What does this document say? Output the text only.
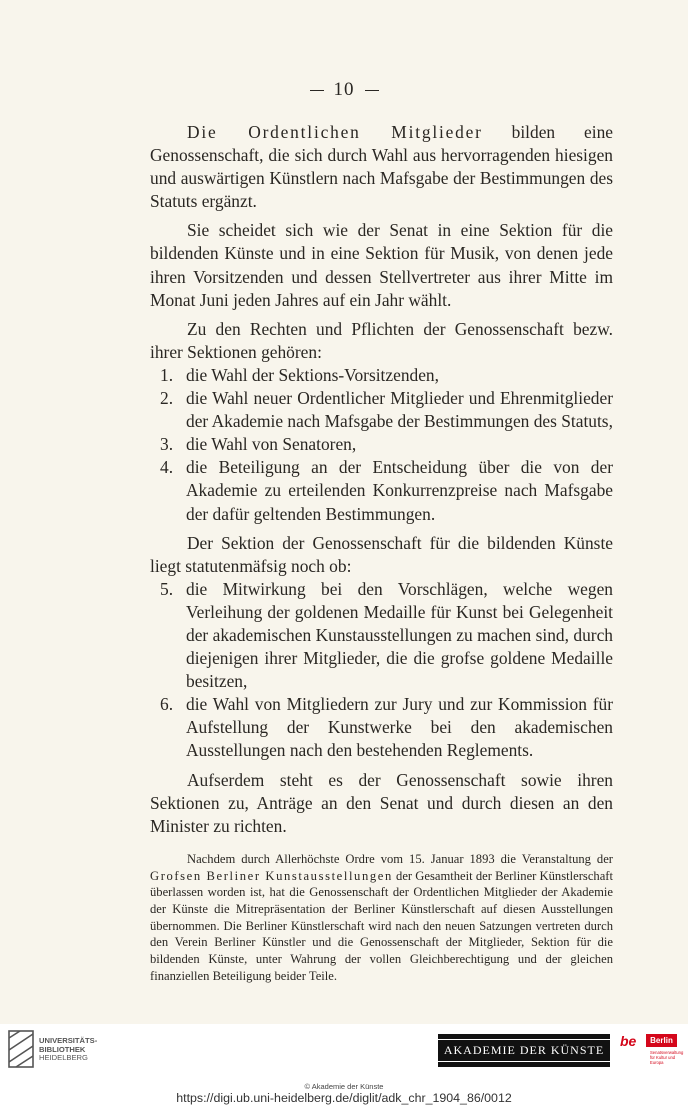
10

Die Ordentlichen Mitglieder bilden eine Genossenschaft, die sich durch Wahl aus hervorragenden hiesigen und auswärtigen Künstlern nach Mafsgabe der Bestimmungen des Statuts ergänzt.

Sie scheidet sich wie der Senat in eine Sektion für die bildenden Künste und in eine Sektion für Musik, von denen jede ihren Vorsitzenden und dessen Stellvertreter aus ihrer Mitte im Monat Juni jeden Jahres auf ein Jahr wählt.

Zu den Rechten und Pflichten der Genossenschaft bezw. ihrer Sektionen gehören:

1. die Wahl der Sektions-Vorsitzenden,
2. die Wahl neuer Ordentlicher Mitglieder und Ehrenmitglieder der Akademie nach Mafsgabe der Bestimmungen des Statuts,
3. die Wahl von Senatoren,
4. die Beteiligung an der Entscheidung über die von der Akademie zu erteilenden Konkurrenzpreise nach Mafsgabe der dafür geltenden Bestimmungen.

Der Sektion der Genossenschaft für die bildenden Künste liegt statutenmäfsig noch ob:

5. die Mitwirkung bei den Vorschlägen, welche wegen Verleihung der goldenen Medaille für Kunst bei Gelegenheit der akademischen Kunstausstellungen zu machen sind, durch diejenigen ihrer Mitglieder, die die grofse goldene Medaille besitzen,
6. die Wahl von Mitgliedern zur Jury und zur Kommission für Aufstellung der Kunstwerke bei den akademischen Ausstellungen nach den bestehenden Reglements.

Aufserdem steht es der Genossenschaft sowie ihren Sektionen zu, Anträge an den Senat und durch diesen an den Minister zu richten.

Nachdem durch Allerhöchste Ordre vom 15. Januar 1893 die Veranstaltung der Grofsen Berliner Kunstausstellungen der Gesamtheit der Berliner Künstlerschaft überlassen worden ist, hat die Genossenschaft der Ordentlichen Mitglieder der Akademie der Künste die Mitrepräsentation der Berliner Künstlerschaft auf diesen Ausstellungen übernommen. Die Berliner Künstlerschaft wird nach den neuen Satzungen vertreten durch den Verein Berliner Künstler und die Genossenschaft der Mitglieder, Sektion für die bildenden Künste, unter Wahrung der vollen Gleichberechtigung und der gleichen finanziellen Beteiligung beider Teile.

UNIVERSITÄTS-
BIBLIOTHEK
HEIDELBERG
AKADEMIE DER KÜNSTE
be	Berlin
Senatsverwaltung für Kultur und Europa
© Akademie der Künste
https://digi.ub.uni-heidelberg.de/diglit/adk_chr_1904_86/0012
